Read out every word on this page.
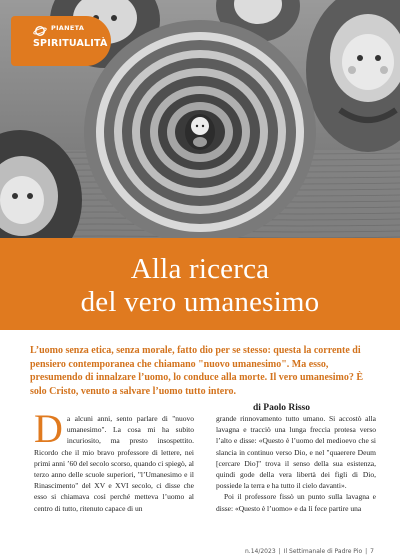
PIANETA
SPIRITUALITÀ
Alla ricerca
del vero umanesimo

L’uomo senza etica, senza morale, fatto dio per se stesso: questa la corrente di pensiero contemporanea che chiamano "nuovo umanesimo". Ma esso, presumendo di innalzare l’uomo, lo conduce alla morte. Il vero umanesimo? È solo Cristo, venuto a salvare l’uomo tutto intero.

di Paolo Risso

D a alcuni anni, sento parlare di "nuovo umanesimo". La cosa mi ha subito incuriosito, ma presto insospettito. Ricordo che il mio bravo professore di lettere, nei primi anni ’60 del secolo scorso, quando ci spiegò, al terzo anno delle scuole superiori, "l’Umanesimo e il Rinascimento" del XV e XVI secolo, ci disse che esso si chiamava così perché metteva l’uomo al centro di tutto, ritenuto capace di un

grande rinnovamento tutto umano. Si accostò alla lavagna e tracciò una lunga freccia protesa verso l’alto e disse: «Questo è l’uomo del medioevo che si slancia in continuo verso Dio, e nel "quaerere Deum [cercare Dio]" trova il senso della sua esistenza, quindi gode della vera libertà dei figli di Dio, possiede la terra e ha tutto il cielo davanti».

Poi il professore fissò un punto sulla lavagna e disse: «Questo è l’uomo» e da lì fece partire una

n.14/2023 | Il Settimanale di Padre Pio | 7
